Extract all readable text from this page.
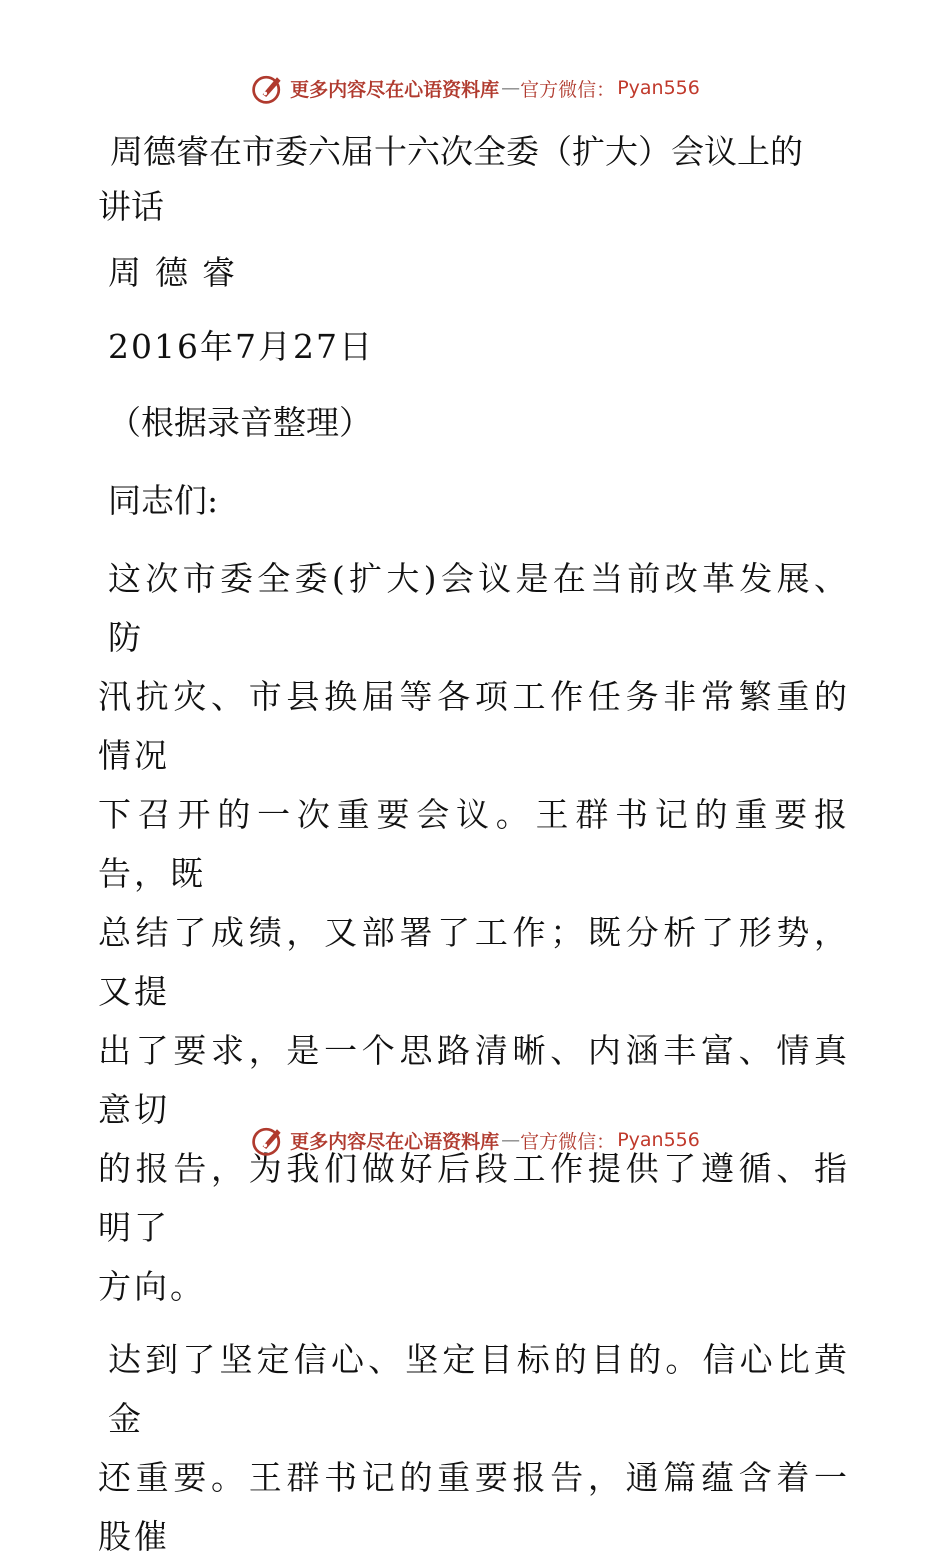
更多内容尽在心语资料库 — 官方微信： Pyan556
周德睿在市委六届十六次全委（扩大）会议上的
讲话

周德睿

2016年7月27日

（根据录音整理）

同志们:

这次市委全委(扩大)会议是在当前改革发展、防
汛抗灾、市县换届等各项工作任务非常繁重的情况
下召开的一次重要会议。王群书记的重要报告，既
总结了成绩，又部署了工作；既分析了形势，又提
出了要求，是一个思路清晰、内涵丰富、情真意切
的报告，为我们做好后段工作提供了遵循、指明了
方向。
达到了坚定信心、坚定目标的目的。信心比黄金
还重要。王群书记的重要报告，通篇蕴含着一股催
更多内容尽在心语资料库 — 官方微信： Pyan556
